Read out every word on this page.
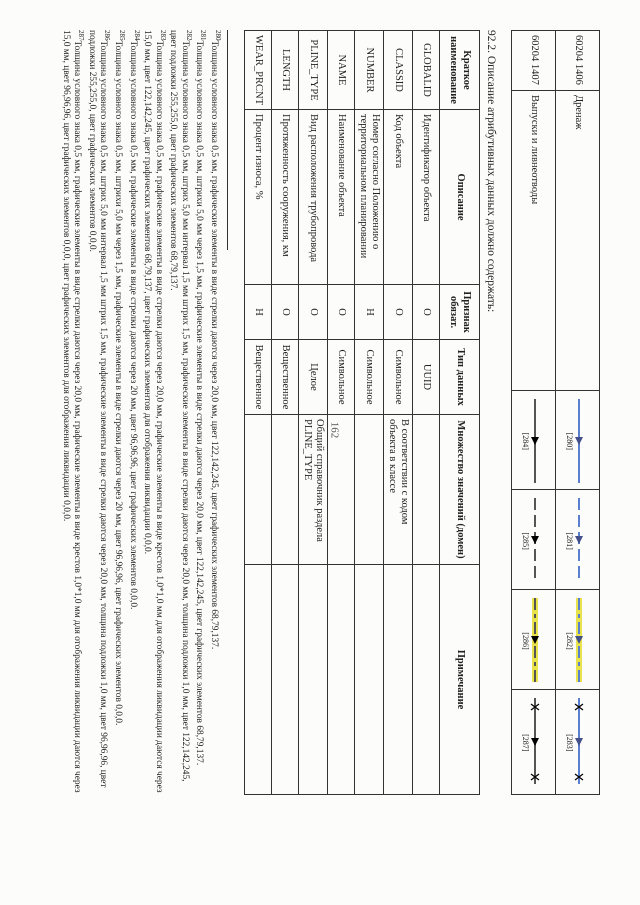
162
60204 1406	Дренаж	[280]	[281]	[282]	[283]

60204 1407	Выпуски и ливнеотводы	[284]	[285]	[286]	[287]
92.2. Описание атрибутивных данных должно содержать:
Краткое наименование	Описание	Признак обязат.	Тип данных	Множество значений (домен)	Примечание
GLOBALID	Идентификатор объекта	О	UUID		
CLASSID	Код объекта	О	Символьное	В соответствии с кодом объекта в классе	
NUMBER	Номер согласно Положению о территориальном планировании	Н	Символьное		
NAME	Наименование объекта	О	Символьное		
PLINE_TYPE	Вид расположения трубопровода	О	Целое	Общий справочник раздела PLINE_TYPE	
LENGTH	Протяженность сооружения, км	О	Вещественное		
WEAR_PRCNT	Процент износа, %	Н	Вещественное		

$^{280}$Толщина условного знака 0,5 мм, графические элементы в виде стрелки даются через 20,0 мм, цвет 122,142,245, цвет графических элементов 68,79,137.

$^{281}$Толщина условного знака 0,5 мм, штрихи 5,0 мм через 1,5 мм, графические элементы в виде стрелки даются через 20,0 мм, цвет 122,142,245, цвет графических элементов 68,79,137.

$^{282}$Толщина условного знака 0,5 мм, штрих 5,0 мм интервал 1,5 мм штрих 1,5 мм, графические элементы в виде стрелки даются через 20,0 мм, толщина подложки 1,0 мм, цвет 122,142,245, цвет подложки 255,255,0, цвет графических элементов 68,79,137.

$^{283}$Толщина условного знака 0,5 мм, графические элементы в виде стрелки даются через 20,0 мм, графические элементы в виде крестов 1,0*1,0 мм для отображения ликвидации даются через 15,0 мм, цвет 122,142,245, цвет графических элементов 68,79,137, цвет графических элементов для отображения ликвидации 0,0,0.

$^{284}$Толщина условного знака 0,5 мм, графические элементы в виде стрелки даются через 20 мм, цвет 96,96,96, цвет графических элементов 0,0,0.

$^{285}$Толщина условного знака 0,5 мм, штрихи 5,0 мм через 1,5 мм, графические элементы в виде стрелки даются через 20 мм, цвет 96,96,96, цвет графических элементов 0,0,0.

$^{286}$Толщина условного знака 0,5 мм, штрих 5,0 мм интервал 1,5 мм штрих 1,5 мм, графические элементы в виде стрелки даются через 20,0 мм, толщина подложки 1,0 мм, цвет 96,96,96, цвет подложки 255,255,0, цвет графических элементов 0,0,0.

$^{287}$Толщина условного знака 0,5 мм, графические элементы в виде стрелки даются через 20,0 мм, графические элементы в виде крестов 1,0*1,0 мм для отображения ликвидации даются через 15,0 мм, цвет 96,96,96, цвет графических элементов 0,0,0, цвет графических элементов для отображения ликвидации 0,0,0.
